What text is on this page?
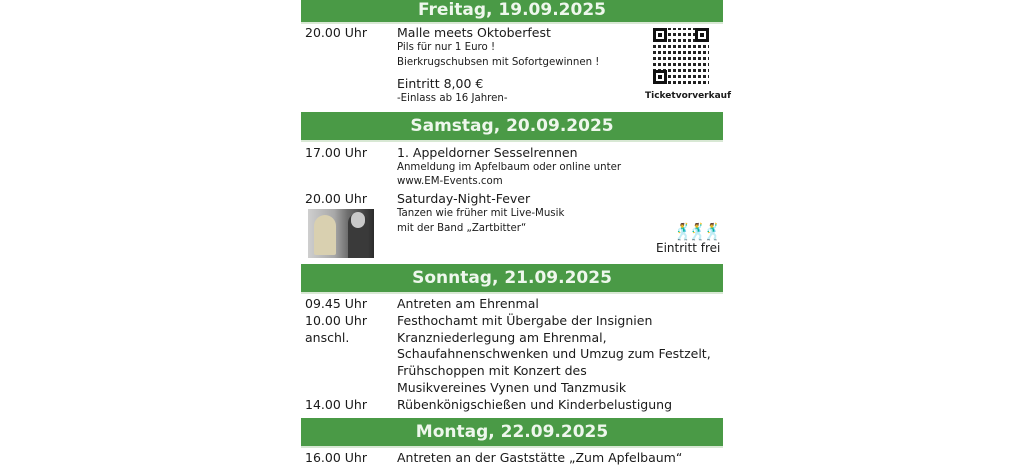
Freitag, 19.09.2025
20.00 Uhr Malle meets Oktoberfest
Pils für nur 1 Euro !
Bierkrugschubsen mit Sofortgewinnen !
Eintritt 8,00 €
-Einlass ab 16 Jahren-	Ticketvorverkauf
Samstag, 20.09.2025
17.00 Uhr 1. Appeldorner Sesselrennen
Anmeldung im Apfelbaum oder online unter
www.EM-Events.com
20.00 Uhr Saturday-Night-Fever
Tanzen wie früher mit Live-Musik
mit der Band „Zartbitter“	🕺🕺🕺
Eintritt frei
Sonntag, 21.09.2025
09.45 Uhr Antreten am Ehrenmal
10.00 Uhr Festhochamt mit Übergabe der Insignien
anschl.	Kranzniederlegung am Ehrenmal,
Schaufahnenschwenken und Umzug zum Festzelt,
Frühschoppen mit Konzert des
Musikvereines Vynen und Tanzmusik
14.00 Uhr Rübenkönigschießen und Kinderbelustigung
Montag, 22.09.2025
16.00 Uhr Antreten an der Gaststätte „Zum Apfelbaum“
